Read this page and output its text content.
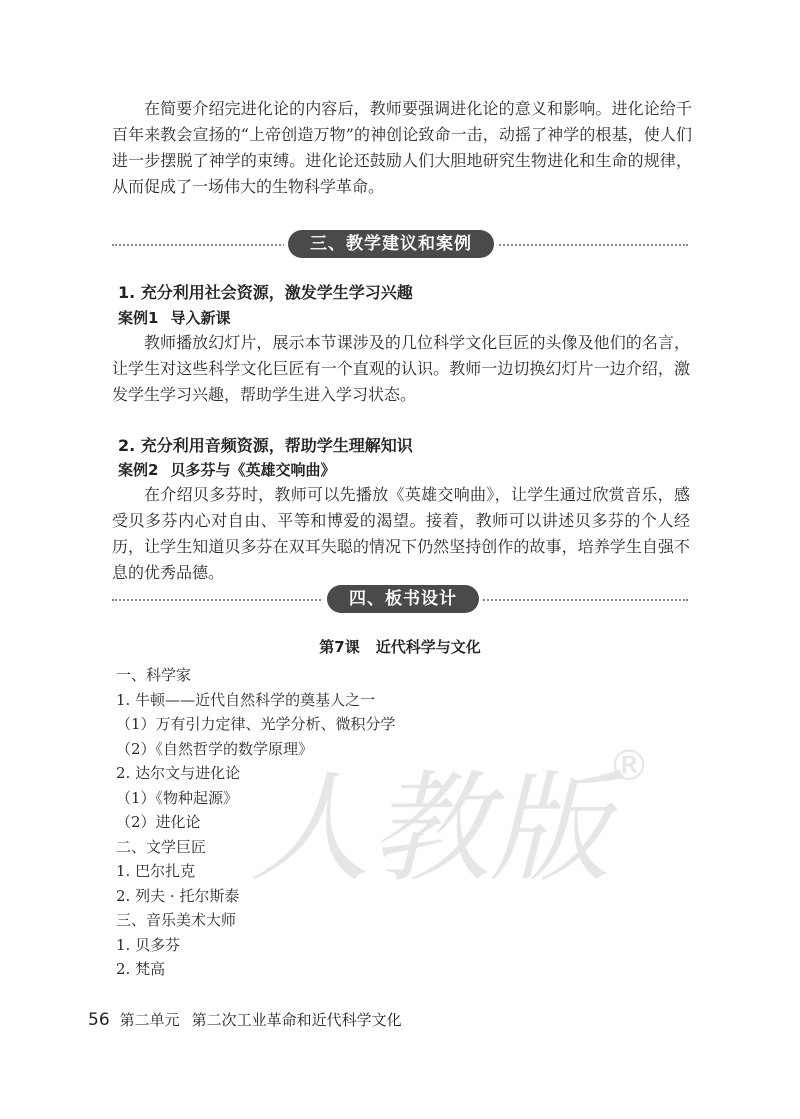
在简要介绍完进化论的内容后，教师要强调进化论的意义和影响。进化论给千百年来教会宣扬的“上帝创造万物”的神创论致命一击，动摇了神学的根基，使人们进一步摆脱了神学的束缚。进化论还鼓励人们大胆地研究生物进化和生命的规律，从而促成了一场伟大的生物科学革命。

三、教学建议和案例

1. 充分利用社会资源，激发学生学习兴趣

案例1 导入新课

教师播放幻灯片，展示本节课涉及的几位科学文化巨匠的头像及他们的名言，让学生对这些科学文化巨匠有一个直观的认识。教师一边切换幻灯片一边介绍，激发学生学习兴趣，帮助学生进入学习状态。

2. 充分利用音频资源，帮助学生理解知识

案例2 贝多芬与《英雄交响曲》

在介绍贝多芬时，教师可以先播放《英雄交响曲》，让学生通过欣赏音乐，感受贝多芬内心对自由、平等和博爱的渴望。接着，教师可以讲述贝多芬的个人经历，让学生知道贝多芬在双耳失聪的情况下仍然坚持创作的故事，培养学生自强不息的优秀品德。

四、板书设计
第7课 近代科学与文化
人教版
®
一、科学家
1. 牛顿——近代自然科学的奠基人之一
（1）万有引力定律、光学分析、微积分学
（2）《自然哲学的数学原理》
2. 达尔文与进化论
（1）《物种起源》
（2）进化论
二、文学巨匠
1. 巴尔扎克
2. 列夫 · 托尔斯泰
三、音乐美术大师
1. 贝多芬
2. 梵高
56 第二单元 第二次工业革命和近代科学文化
